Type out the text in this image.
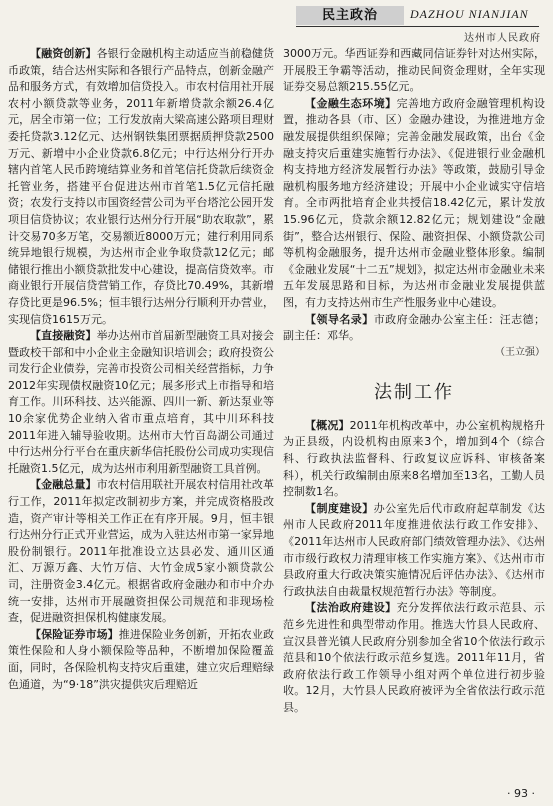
民主政治	DAZHOU NIANJIAN
达州市人民政府

【融资创新】各银行金融机构主动适应当前稳健货币政策，结合达州实际和各银行产品特点，创新金融产品和服务方式，有效增加信贷投入。市农村信用社开展农村小额贷款等业务，2011年新增贷款余额26.4亿元，居全市第一位；工行发放南大梁高速公路项目理财委托贷款3.12亿元、达州钢铁集团票据质押贷款2500万元、新增中小企业贷款6.8亿元；中行达州分行开办辖内首笔人民币跨境结算业务和首笔信托贷款后续资金托管业务，搭建平台促进达州市首笔1.5亿元信托融资；农发行支持以市国资经营公司为平台塔沱公园开发项目信贷协议；农业银行达州分行开展“助农取款”，累计交易70多万笔，交易额近8000万元；建行利用同系统异地银行规模，为达州市企业争取贷款12亿元；邮储银行推出小额贷款批发中心建设，提高信贷效率。市商业银行开展信贷营销工作，存贷比70.49%，其新增存贷比更是96.5%；恒丰银行达州分行顺利开办营业，实现信贷1615万元。

【直接融资】举办达州市首届新型融资工具对接会暨政校干部和中小企业主金融知识培训会；政府投资公司发行企业债券，完善市投资公司相关经营指标，力争2012年实现债权融资10亿元；展多形式上市指导和培育工作。川环科技、达兴能源、四川一新、新达泵业等10余家优势企业纳入省市重点培育，其中川环科技2011年进入辅导验收期。达州市大竹百岛湖公司通过中行达州分行平台在重庆新华信托股份公司成功实现信托融资1.5亿元，成为达州市利用新型融资工具首例。

【金融总量】市农村信用联社开展农村信用社改革行工作，2011年拟定改制初步方案，并完成资格股改造，资产审计等相关工作正在有序开展。9月，恒丰银行达州分行正式开业营运，成为入驻达州市第一家异地股份制银行。2011年批准设立达县必发、通川区通汇、万源万鑫、大竹万信、大竹金成5家小额贷款公司，注册资金3.4亿元。根据省政府金融办和市中介办统一安排，达州市开展融资担保公司规范和非现场检查，促进融资担保机构健康发展。

【保险证券市场】推进保险业务创新，开拓农业政策性保险和人身小额保险等品种，不断增加保险覆盖面，同时，各保险机构支持灾后重建，建立灾后理赔绿色通道，为“9·18”洪灾提供灾后理赔近

3000万元。华西证券和西藏同信证券针对达州实际，开展股王争霸等活动，推动民间资金理财，全年实现证券交易总额215.55亿元。

【金融生态环境】完善地方政府金融管理机构设置，推动各县（市、区）金融办建设，为推进地方金融发展提供组织保障；完善金融发展政策，出台《金融支持灾后重建实施暂行办法》、《促进银行业金融机构支持地方经济发展暂行办法》等政策，鼓励引导金融机构服务地方经济建设；开展中小企业诚实守信培育。全市两批培育企业共授信18.42亿元，累计发放15.96亿元，贷款余额12.82亿元；规划建设“金融街”，整合达州银行、保险、融资担保、小额贷款公司等机构金融服务，提升达州市金融业整体形象。编制《金融业发展“十二五”规划》，拟定达州市金融业未来五年发展思路和目标，为达州市金融业发展提供蓝图，有力支持达州市生产性服务业中心建设。

【领导名录】市政府金融办公室主任：汪志德；副主任：邓华。

（王立强）

法制工作

【概况】2011年机构改革中，办公室机构规格升为正县级，内设机构由原来3个，增加到4个（综合科、行政执法监督科、行政复议应诉科、审核备案科），机关行政编制由原来8名增加至13名，工勤人员控制数1名。

【制度建设】办公室先后代市政府起草制发《达州市人民政府2011年度推进依法行政工作安排》、《2011年达州市人民政府部门绩效管理办法》、《达州市市级行政权力清理审核工作实施方案》、《达州市市县政府重大行政决策实施情况后评估办法》、《达州市行政执法自由裁量权规范暂行办法》等制度。

【法治政府建设】充分发挥依法行政示范县、示范乡先进性和典型带动作用。推选大竹县人民政府、宣汉县普光镇人民政府分别参加全省10个依法行政示范县和10个依法行政示范乡复选。2011年11月，省政府依法行政工作领导小组对两个单位进行初步验收。12月，大竹县人民政府被评为全省依法行政示范县。

· 93 ·
